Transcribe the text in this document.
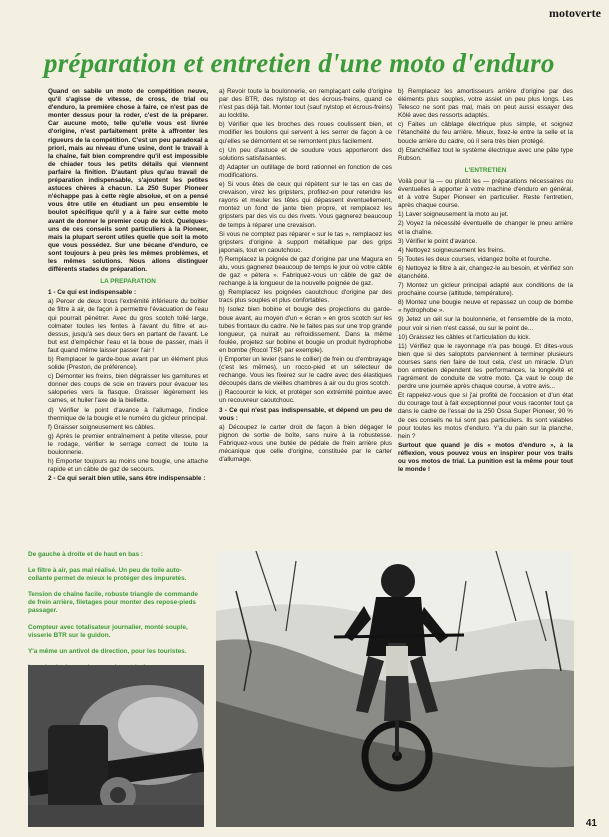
motoverte
préparation et entretien d'une moto d'enduro

Quand on sabile un moto de compétition neuve, qu'il s'agisse de vitesse, de cross, de trial ou d'enduro, la première chose à faire, ce n'est pas de monter dessus pour la roder, c'est de la préparer. Car aucune moto, telle qu'elle vous est livrée d'origine, n'est parfaitement prête à affronter les rigueurs de la compétition. C'est un peu paradoxal a priori, mais au niveau d'une usine, dont le travail à la chaîne, fait bien comprendre qu'il est impossible de chiader tous les petits détails qui viennent parfaire la finition. D'autant plus qu'au travail de préparation indispensable, s'ajoutent les petites astuces chères à chacun. La 250 Super Pioneer n'échappe pas à cette règle absolue, et on a pensé vous être utile en étudiant un peu ensemble le boulot spécifique qu'il y a à faire sur cette moto avant de donner le premier coup de kick. Quelques-uns de ces conseils sont particuliers à la Pioneer, mais la plupart seront utiles quelle que soit la moto que vous possédez. Sur une bécane d'enduro, ce sont toujours à peu près les mêmes problèmes, et les mêmes solutions. Nous allons distinguer différents stades de préparation.

LA PREPARATION

1 - Ce qui est indispensable :

a) Percer de deux trous l'extrémité inférieure du boîtier de filtre à air, de façon à permettre l'évacuation de l'eau qui pourrait pénétrer. Avec du gros scotch toilé large, colmater toutes les fentes à l'avant du filtre et au-dessus, jusqu'à ses deux tiers en partant de l'avant. Le but est d'empêcher l'eau et la boue de passer, mais il faut quand même laisser passer l'air !

b) Remplacer le garde-boue avant par un élément plus solide (Preston, de préférence).

c) Démonter les freins, bien dégraisser les garnitures et donner des coups de scie en travers pour évacuer les saloperies vers la flasque. Graisser légèrement les cames, et huiler l'axe de la biellette.

d) Vérifier le point d'avance à l'allumage, l'indice thermique de la bougie et le numéro du gicleur principal.

f) Graisser soigneusement les câbles.

g) Après le premier entraînement à petite vitesse, pour le rodage, vérifier le serrage correct de toute la boulonnerie.

h) Emporter toujours au moins une bougie, une attache rapide et un câble de gaz de secours.

2 - Ce qui serait bien utile, sans être indispensable :

a) Revoir toute la boulonnerie, en remplaçant celle d'origine par des BTR, des nylstop et des écrous-freins, quand ce n'est pas déjà fait. Monter tout (sauf nylstop et écrous-freins) au locktite.

b) Vérifier que les broches des roues coulissent bien, et modifier les boulons qui servent à les serrer de façon à ce qu'elles se démontent et se remontent plus facilement.

c) Un peu d'astuce et de soudure vous apporteront des solutions satisfaisantes.

d) Adapter un outillage de bord rationnel en fonction de ces modifications.

e) Si vous êtes de ceux qui répètent sur le tas en cas de crevaison, virez les gripsters, profitez-en pour retendre les rayons et meuler les têtes qui dépassent éventuellement, montez un fond de jante bien propre, et remplacez les gripsters par des vis cu des rivets. Vous gagnerez beaucoup de temps à réparer une crevaison.

Si vous ne comptez pas réparer « sur le tas », remplacez les gripsters d'origine à support métallique par des grips japonais, tout en caoutchouc.

f) Remplacez la poignée de gaz d'origine par une Magura en alu, vous gagnerez beaucoup de temps le jour où votre câble de gaz « pétera ». Fabriquez-vous un câble de gaz de rechange à la longueur de la nouvelle poignée de gaz.

g) Remplacez les poignées caoutchouc d'origine par des tracs plus souples et plus confortables.

h) Isolez bien bobine et bougie des projections du garde-boue avant, au moyen d'un « écran » en gros scotch sur les tubes frontaux du cadre. Ne le faites pas sur une trop grande longueur, ça nuirait au refroidissement. Dans la même foulée, projetez sur bobine et bougie un produit hydrophobe en bombe (Rocol TSP, par exemple).

i) Emporter un levier (sans le collier) de frein ou d'embrayage (c'est les mêmes), un rocco-pied et un sélecteur de rechange. Vous les fixerez sur le cadre avec des élastiques découpés dans de vieilles chambres à air ou du gros scotch.

j) Raccourcir le kick, et protéger son extrémité pointue avec un recouvreur caoutchouc.

3 - Ce qui n'est pas indispensable, et dépend un peu de vous :

a) Découpez le carter droit de façon à bien dégager le pignon de sortie de boîte, sans nuire à la robustesse. Fabriquez-vous une butée de pédale de frein arrière plus mécanique que celle d'origine, constituée par le carter d'allumage.

b) Remplacez les amortisseurs arrière d'origine par des éléments plus souples, votre assiet un peu plus longs. Les Telesco ne sont pas mal, mais on peut aussi essayer des Kölé avec des ressorts adaptés.

c) Faites un câblage électrique plus simple, et soignez l'étanchéité du feu arrière. Mieux, fixez-le entre la selle et la boucle arrière du cadre, où il sera très bien protégé.

d) Etanchéifiez tout le système électrique avec une pâte type Rubson.

L'ENTRETIEN

Voilà pour la — ou plutôt les — préparations nécessaires ou éventuelles à apporter à votre machine d'enduro en général, et à votre Super Pioneer en particulier. Reste l'entretien, après chaque course.

1) Laver soigneusement la moto au jet.

2) Voyez la nécessité éventuelle de changer le pneu arrière et la chaîne.

3) Vérifier le point d'avance.

4) Nettoyez soigneusement les freins.

5) Toutes les deux courses, vidangez boîte et fourche.

6) Nettoyez le filtre à air, changez-le au besoin, et vérifiez son étanchéité.

7) Montez un gicleur principal adapté aux conditions de la prochaine course (altitude, température).

8) Montez une bougie neuve et repassez un coup de bombe « hydrophobe ».

9) Jetez un œil sur la boulonnerie, et l'ensemble de la moto, pour voir si rien n'est cassé, ou sur le point de...

10) Graissez les câbles et l'articulation du kick.

11) Vérifiez que le rayonnage n'a pas bougé. Et dites-vous bien que si des saloptots parviennent à terminer plusieurs courses sans rien faire de tout cela, c'est un miracle. D'un bon entretien dépendent les performances, la longévité et l'agrément de conduite de votre moto. Ça vaut le coup de perdre une journée après chaque course, à votre avis...

Et rappelez-vous que si j'ai profité de l'occasion et d'un état du courage tout à fait exceptionnel pour vous raconter tout ça dans le cadre de l'essai de la 250 Ossa Super Pioneer, 90 % de ces conseils ne lui sont pas particuliers. Ils sont valables pour toutes les motos d'enduro. Y'a du pain sur la planche, hein ?

Surtout que quand je dis « motos d'enduro », à la réflexion, vous pouvez vous en inspirer pour vos trails ou vos motos de trial. La punition est la même pour tout le monde !

De gauche à droite et de haut en bas :

Le filtre à air, pas mal réalisé. Un peu de toile auto-collante permet de mieux le protéger des impuretés.

Tension de chaîne facile, robuste triangle de commande de frein arrière, filetages pour monter des repose-pieds passager.

Compteur avec totalisateur journalier, monté souple, visserie BTR sur le guidon.

Y'a même un antivol de direction, pour les touristes.

41
